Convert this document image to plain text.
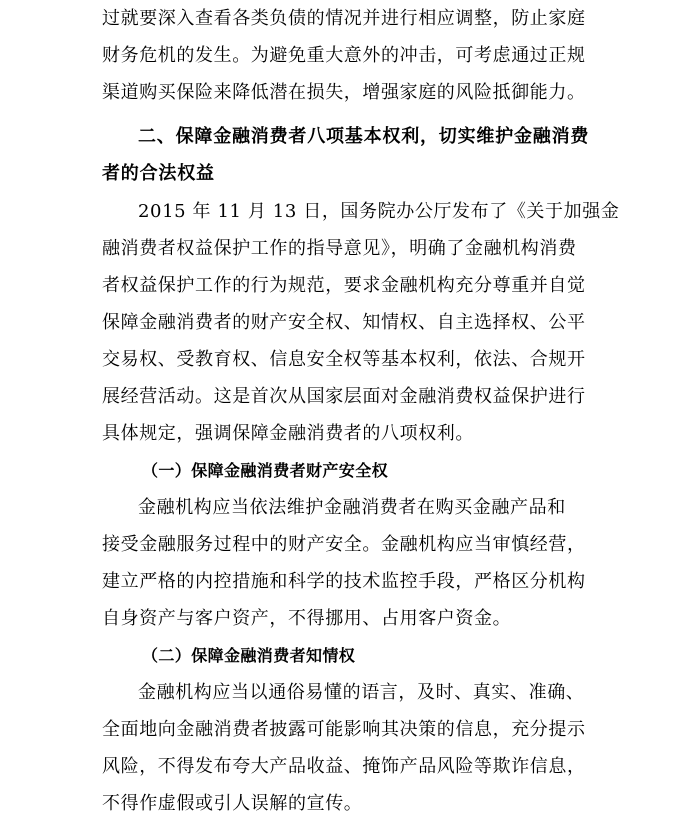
过就要深入查看各类负债的情况并进行相应调整，防止家庭
财务危机的发生。为避免重大意外的冲击，可考虑通过正规
渠道购买保险来降低潜在损失，增强家庭的风险抵御能力。
二、保障金融消费者八项基本权利，切实维护金融消费
者的合法权益
2015 年 11 月 13 日，国务院办公厅发布了《关于加强金
融消费者权益保护工作的指导意见》，明确了金融机构消费
者权益保护工作的行为规范，要求金融机构充分尊重并自觉
保障金融消费者的财产安全权、知情权、自主选择权、公平
交易权、受教育权、信息安全权等基本权利，依法、合规开
展经营活动。这是首次从国家层面对金融消费权益保护进行
具体规定，强调保障金融消费者的八项权利。
（一）保障金融消费者财产安全权
金融机构应当依法维护金融消费者在购买金融产品和
接受金融服务过程中的财产安全。金融机构应当审慎经营，
建立严格的内控措施和科学的技术监控手段，严格区分机构
自身资产与客户资产，不得挪用、占用客户资金。
（二）保障金融消费者知情权
金融机构应当以通俗易懂的语言，及时、真实、准确、
全面地向金融消费者披露可能影响其决策的信息，充分提示
风险，不得发布夸大产品收益、掩饰产品风险等欺诈信息，
不得作虚假或引人误解的宣传。
